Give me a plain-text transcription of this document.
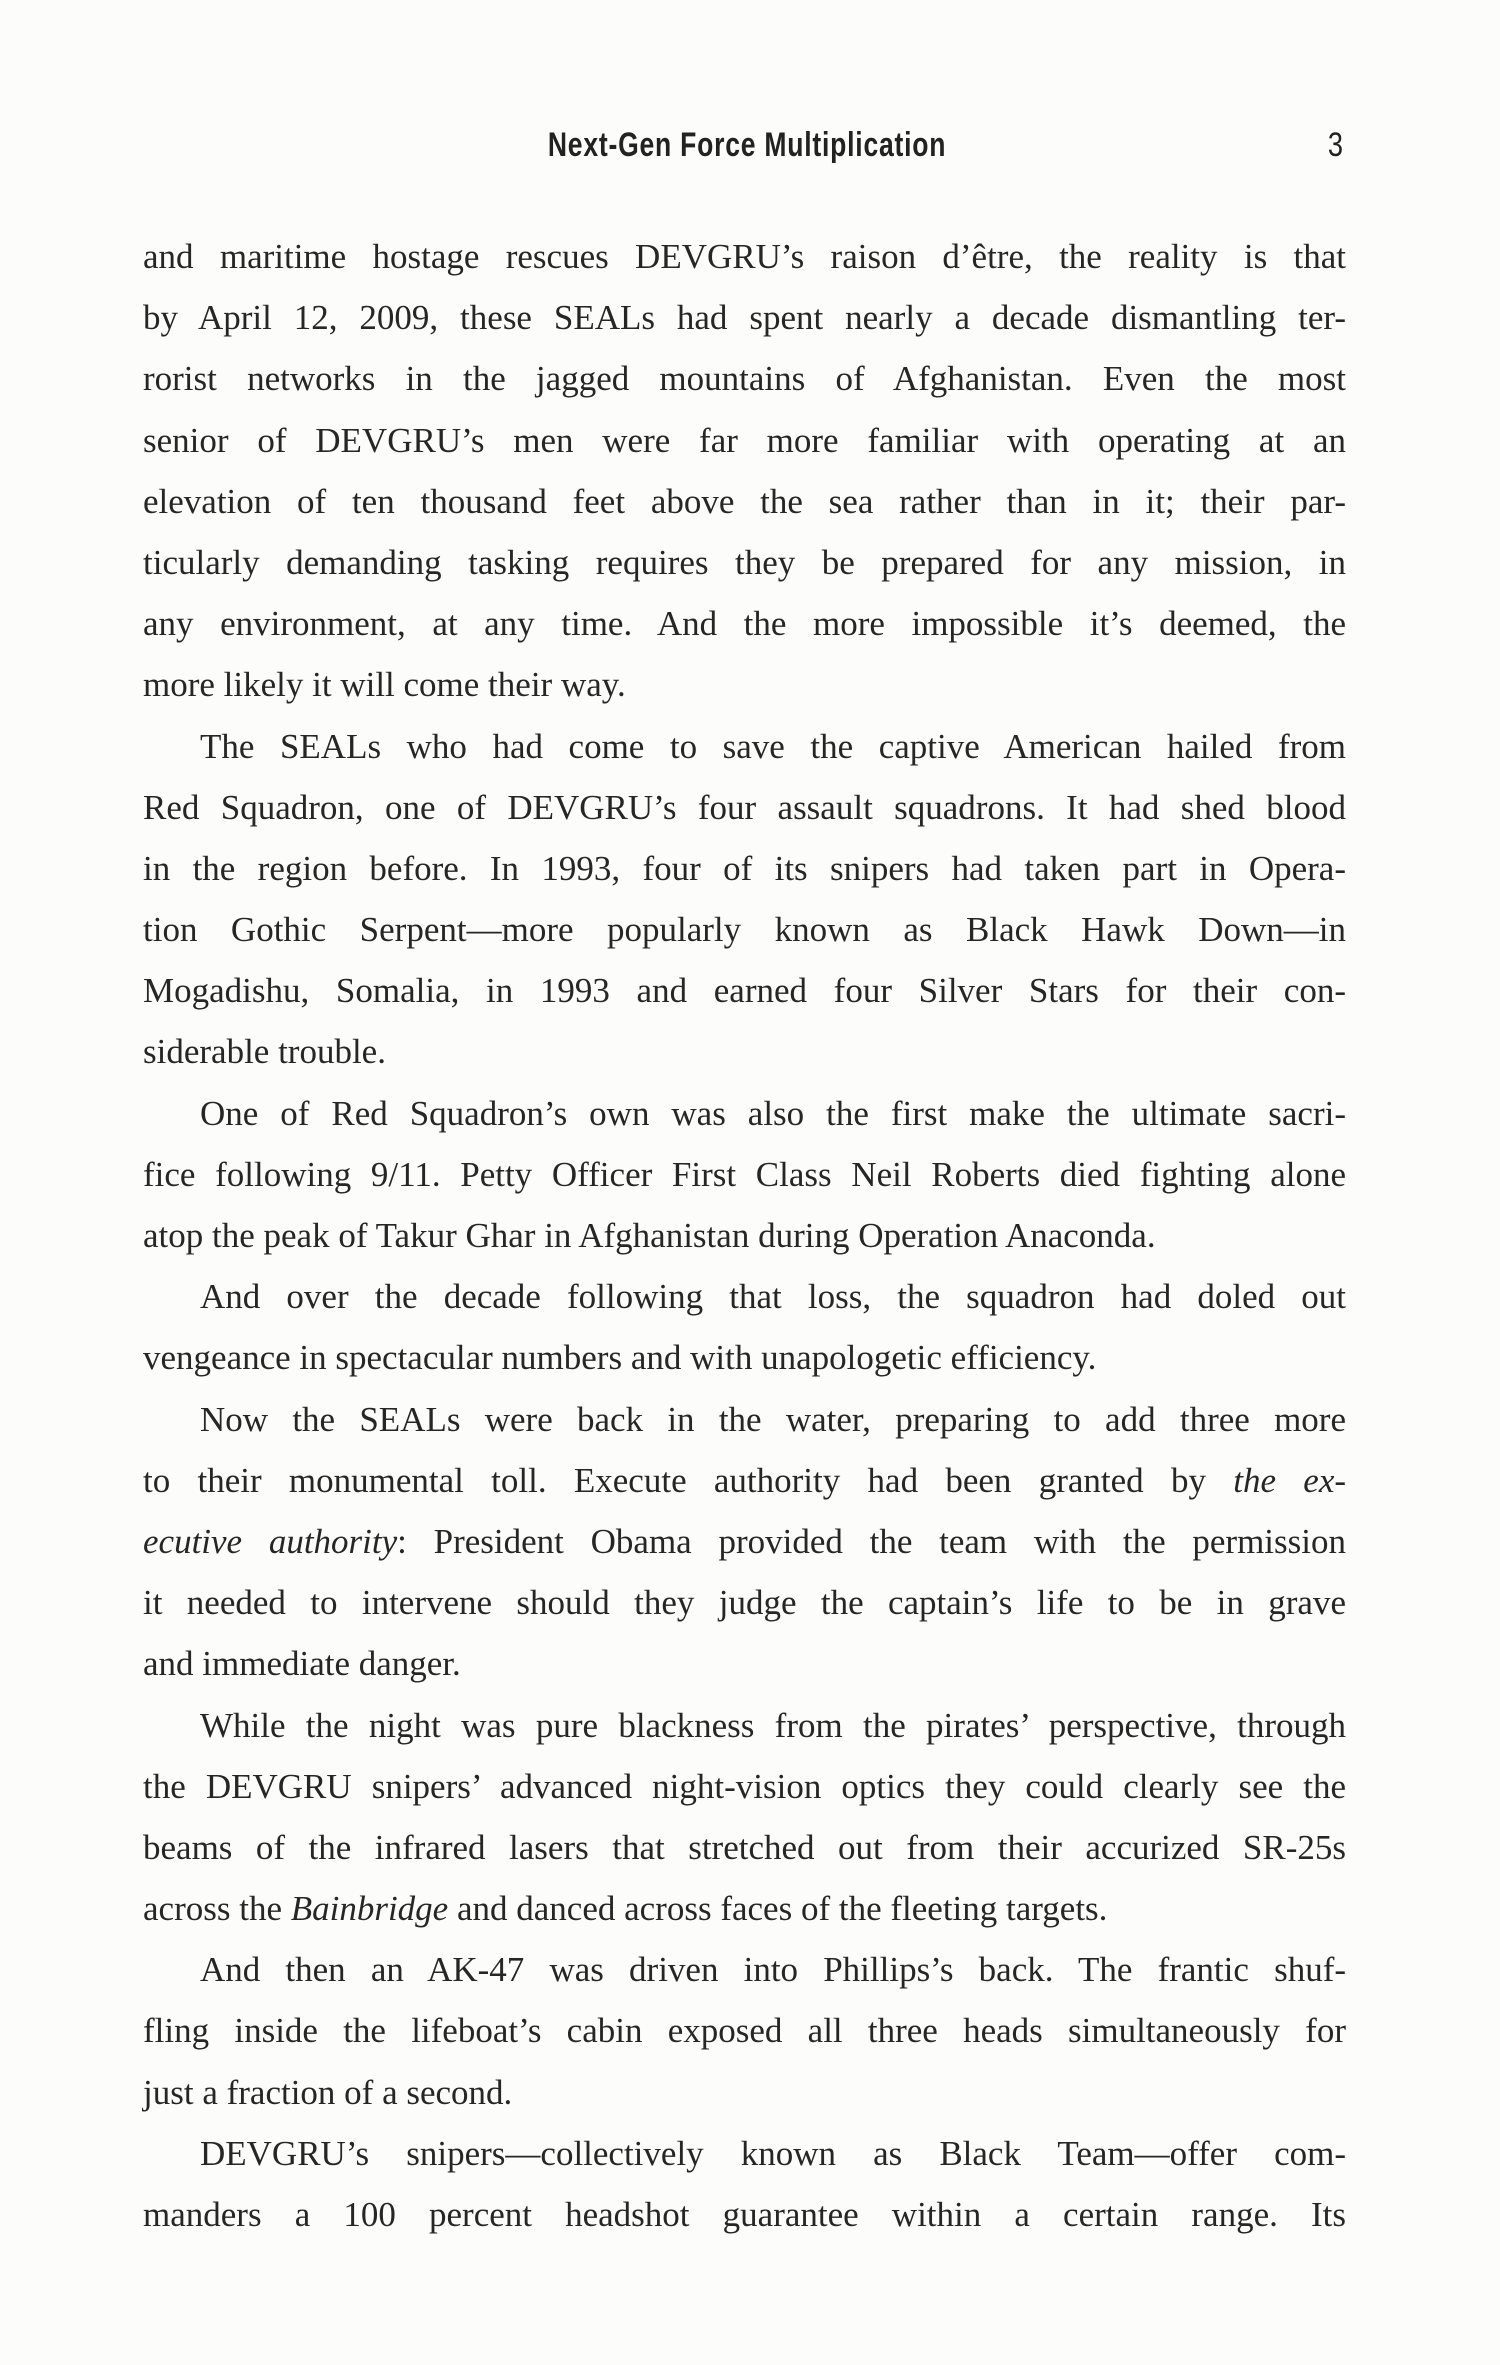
Next-Gen Force Multiplication	3
and maritime hostage rescues DEVGRU’s raison d’être, the reality is that
by April 12, 2009, these SEALs had spent nearly a decade dismantling ter-
rorist networks in the jagged mountains of Afghanistan. Even the most
senior of DEVGRU’s men were far more familiar with operating at an
elevation of ten thousand feet above the sea rather than in it; their par-
ticularly demanding tasking requires they be prepared for any mission, in
any environment, at any time. And the more impossible it’s deemed, the
more likely it will come their way.
The SEALs who had come to save the captive American hailed from
Red Squadron, one of DEVGRU’s four assault squadrons. It had shed blood
in the region before. In 1993, four of its snipers had taken part in Opera-
tion Gothic Serpent—more popularly known as Black Hawk Down—in
Mogadishu, Somalia, in 1993 and earned four Silver Stars for their con-
siderable trouble.
One of Red Squadron’s own was also the first make the ultimate sacri-
fice following 9/11. Petty Officer First Class Neil Roberts died fighting alone
atop the peak of Takur Ghar in Afghanistan during Operation Anaconda.
And over the decade following that loss, the squadron had doled out
vengeance in spectacular numbers and with unapologetic efficiency.
Now the SEALs were back in the water, preparing to add three more
to their monumental toll. Execute authority had been granted by the ex-
ecutive authority: President Obama provided the team with the permission
it needed to intervene should they judge the captain’s life to be in grave
and immediate danger.
While the night was pure blackness from the pirates’ perspective, through
the DEVGRU snipers’ advanced night-vision optics they could clearly see the
beams of the infrared lasers that stretched out from their accurized SR-25s
across the Bainbridge and danced across faces of the fleeting targets.
And then an AK-47 was driven into Phillips’s back. The frantic shuf-
fling inside the lifeboat’s cabin exposed all three heads simultaneously for
just a fraction of a second.
DEVGRU’s snipers—collectively known as Black Team—offer com-
manders a 100 percent headshot guarantee within a certain range. Its
